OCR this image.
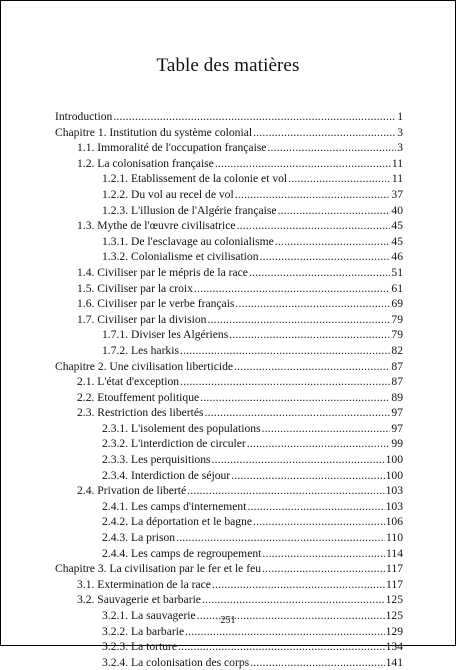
Table des matières
Introduction .....	1
Chapitre 1. Institution du système colonial .....	3
1.1. Immoralité de l'occupation française .....	3
1.2. La colonisation française .....	11
1.2.1. Etablissement de la colonie et vol .....	11
1.2.2. Du vol au recel de vol .....	37
1.2.3. L'illusion de l'Algérie française .....	40
1.3. Mythe de l'œuvre civilisatrice .....	45
1.3.1. De l'esclavage au colonialisme .....	45
1.3.2. Colonialisme et civilisation .....	46
1.4. Civiliser par le mépris de la race .....	51
1.5. Civiliser par la croix .....	61
1.6. Civiliser par le verbe français .....	69
1.7. Civiliser par la division .....	79
1.7.1. Diviser les Algériens .....	79
1.7.2. Les harkis .....	82
Chapitre 2. Une civilisation liberticide .....	87
2.1. L'état d'exception .....	87
2.2. Etouffement politique .....	89
2.3. Restriction des libertés .....	97
2.3.1. L'isolement des populations .....	97
2.3.2. L'interdiction de circuler .....	99
2.3.3. Les perquisitions .....	100
2.3.4. Interdiction de séjour .....	100
2.4. Privation de liberté .....	103
2.4.1. Les camps d'internement .....	103
2.4.2. La déportation et le bagne .....	106
2.4.3. La prison .....	110
2.4.4. Les camps de regroupement .....	114
Chapitre 3. La civilisation par le fer et le feu .....	117
3.1. Extermination de la race .....	117
3.2. Sauvagerie et barbarie .....	125
3.2.1. La sauvagerie .....	125
3.2.2. La barbarie .....	129
3.2.3. La torture .....	134
3.2.4. La colonisation des corps .....	141
251
